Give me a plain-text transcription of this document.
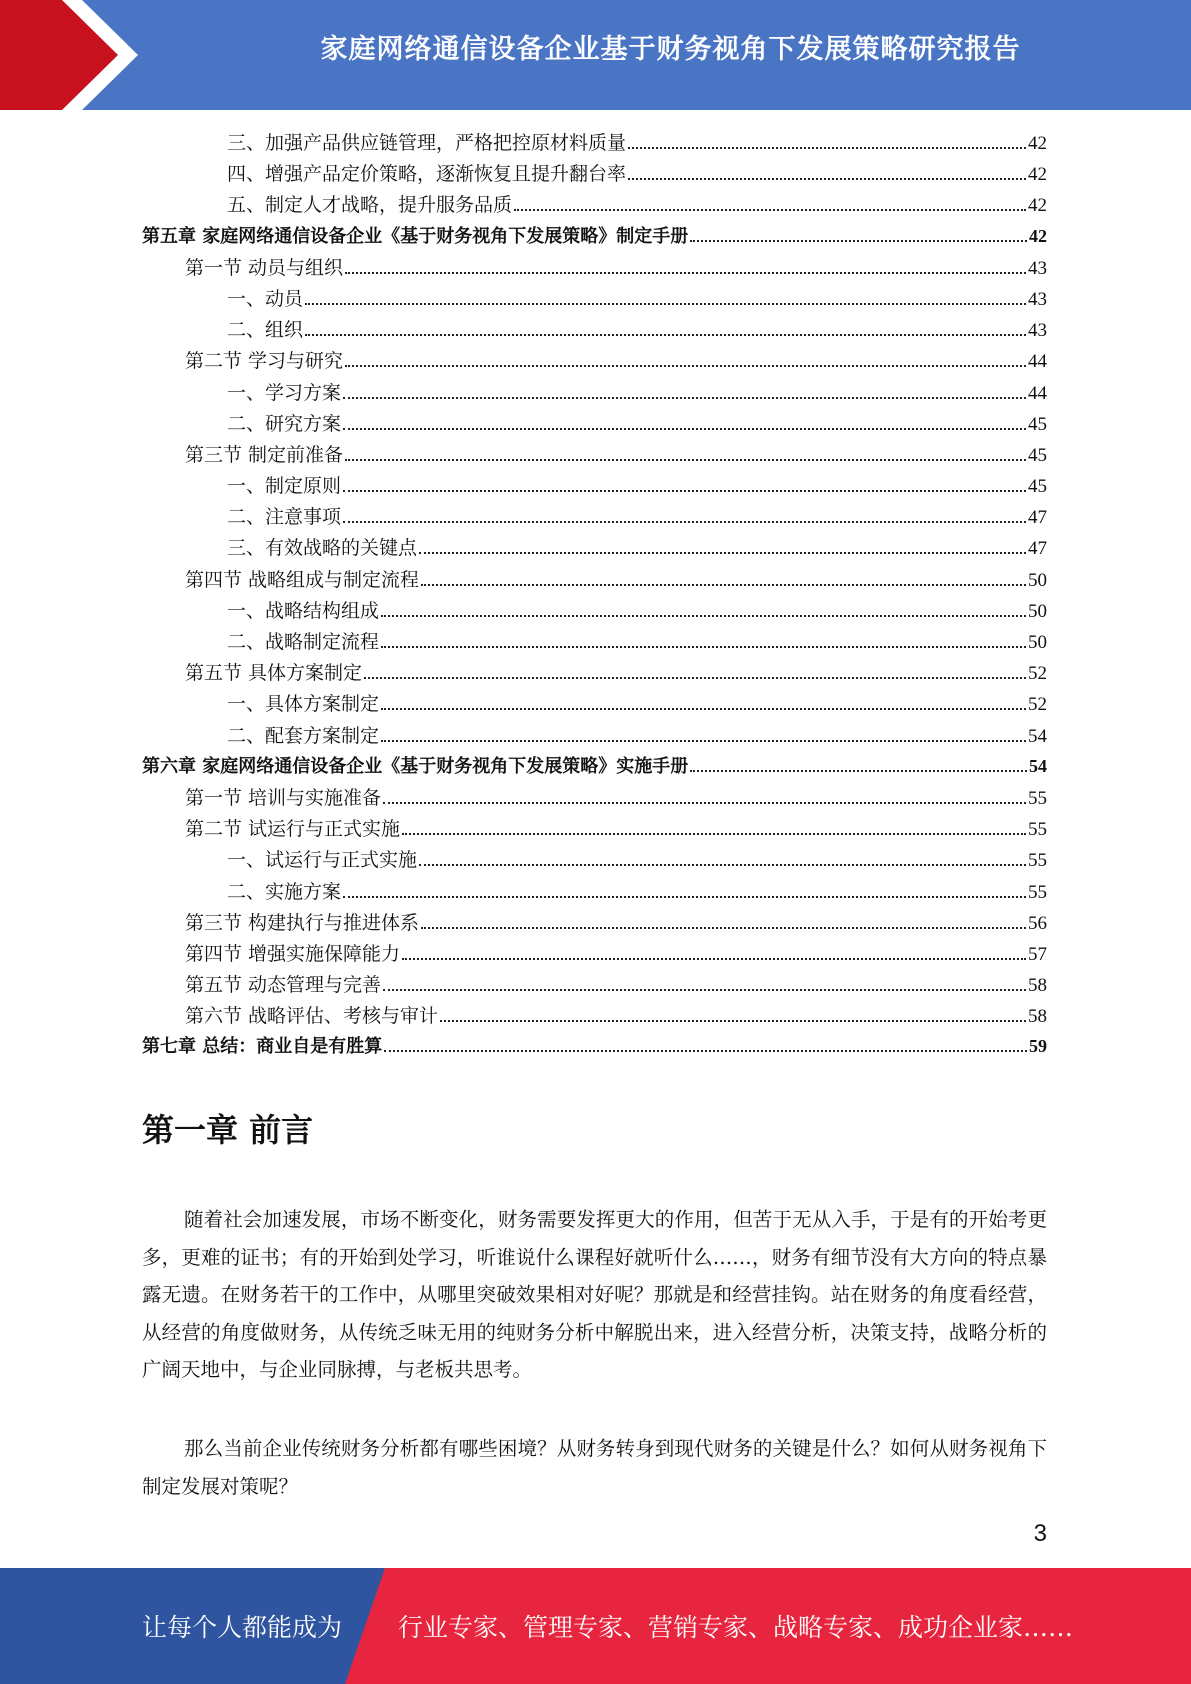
家庭网络通信设备企业基于财务视角下发展策略研究报告
三、加强产品供应链管理，严格把控原材料质量	42
四、增强产品定价策略，逐渐恢复且提升翻台率	42
五、制定人才战略，提升服务品质	42
第五章 家庭网络通信设备企业《基于财务视角下发展策略》制定手册	42
第一节 动员与组织	43
一、动员	43
二、组织	43
第二节 学习与研究	44
一、学习方案	44
二、研究方案	45
第三节 制定前准备	45
一、制定原则	45
二、注意事项	47
三、有效战略的关键点	47
第四节 战略组成与制定流程	50
一、战略结构组成	50
二、战略制定流程	50
第五节 具体方案制定	52
一、具体方案制定	52
二、配套方案制定	54
第六章 家庭网络通信设备企业《基于财务视角下发展策略》实施手册	54
第一节 培训与实施准备	55
第二节 试运行与正式实施	55
一、试运行与正式实施	55
二、实施方案	55
第三节 构建执行与推进体系	56
第四节 增强实施保障能力	57
第五节 动态管理与完善	58
第六节 战略评估、考核与审计	58
第七章 总结：商业自是有胜算	59
第一章 前言
随着社会加速发展，市场不断变化，财务需要发挥更大的作用，但苦于无从入手，于是有的开始考更多，更难的证书；有的开始到处学习，听谁说什么课程好就听什么……，财务有细节没有大方向的特点暴露无遗。在财务若干的工作中，从哪里突破效果相对好呢？那就是和经营挂钩。站在财务的角度看经营，从经营的角度做财务，从传统乏味无用的纯财务分析中解脱出来，进入经营分析，决策支持，战略分析的广阔天地中，与企业同脉搏，与老板共思考。
那么当前企业传统财务分析都有哪些困境？从财务转身到现代财务的关键是什么？如何从财务视角下制定发展对策呢？
3
让每个人都能成为 行业专家、管理专家、营销专家、战略专家、成功企业家……
